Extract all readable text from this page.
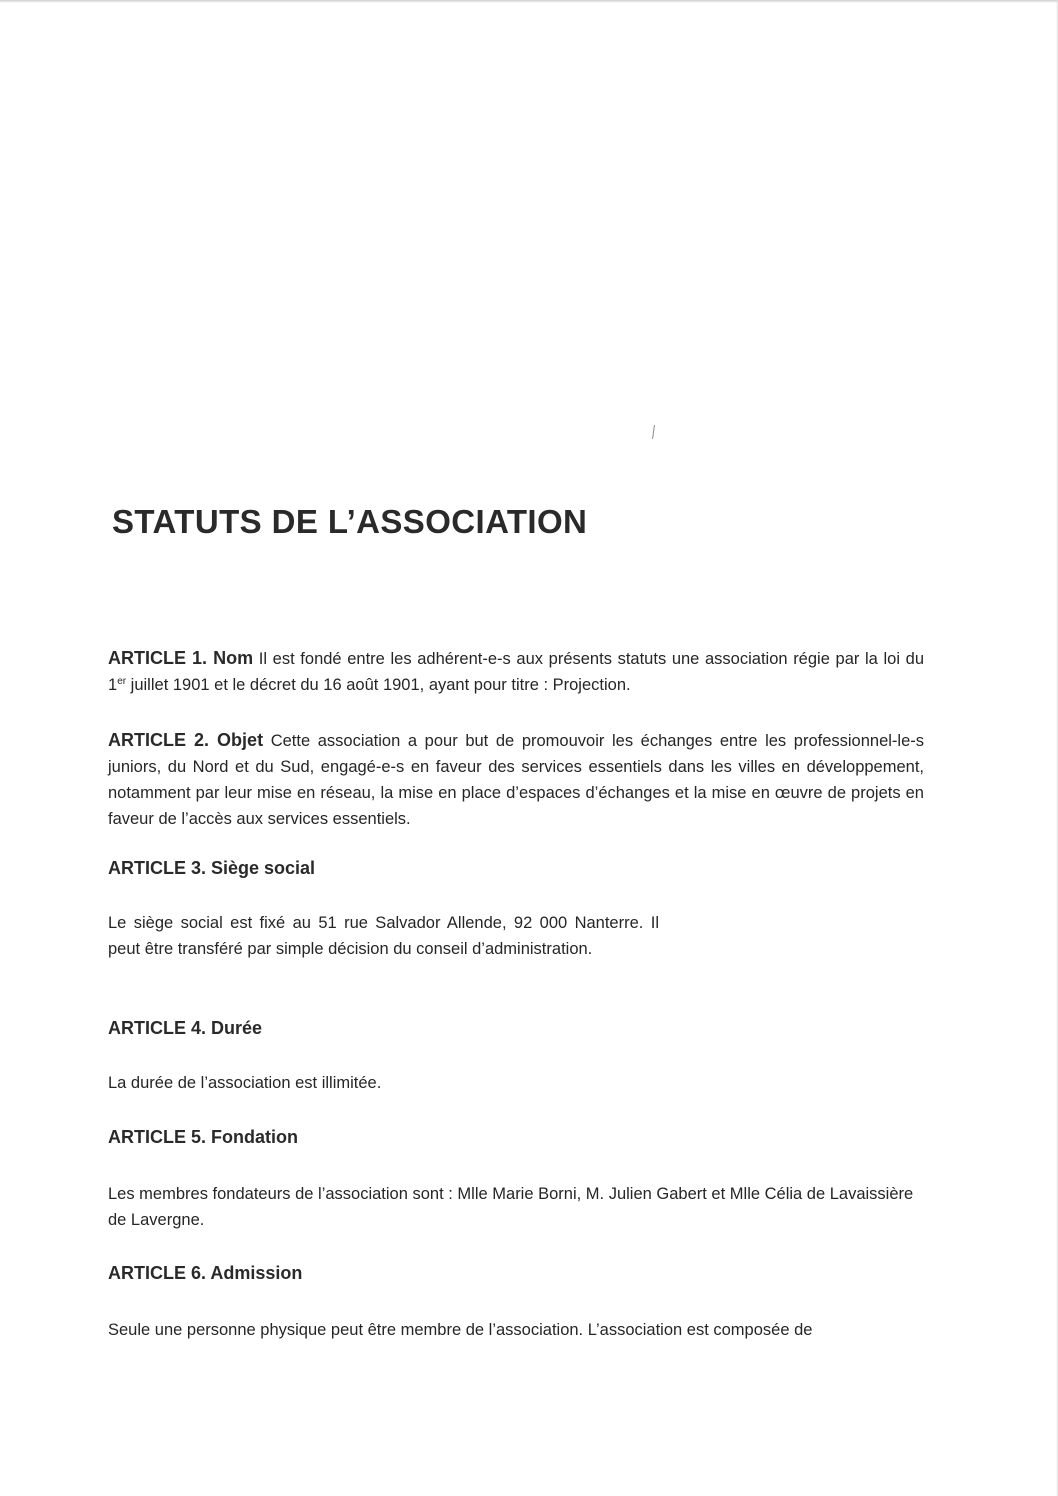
STATUTS DE L’ASSOCIATION

ARTICLE 1. Nom Il est fondé entre les adhérent-e-s aux présents statuts une association régie par la loi du 1er juillet 1901 et le décret du 16 août 1901, ayant pour titre : Projection.

ARTICLE 2. Objet Cette association a pour but de promouvoir les échanges entre les professionnel-le-s juniors, du Nord et du Sud, engagé-e-s en faveur des services essentiels dans les villes en développement, notamment par leur mise en réseau, la mise en place d’espaces d’échanges et la mise en œuvre de projets en faveur de l’accès aux services essentiels.

ARTICLE 3. Siège social

Le siège social est fixé au 51 rue Salvador Allende, 92 000 Nanterre. Il peut être transféré par simple décision du conseil d’administration.

ARTICLE 4. Durée

La durée de l’association est illimitée.

ARTICLE 5. Fondation

Les membres fondateurs de l’association sont : Mlle Marie Borni, M. Julien Gabert et Mlle Célia de Lavaissière de Lavergne.

ARTICLE 6. Admission

Seule une personne physique peut être membre de l’association. L’association est composée de
